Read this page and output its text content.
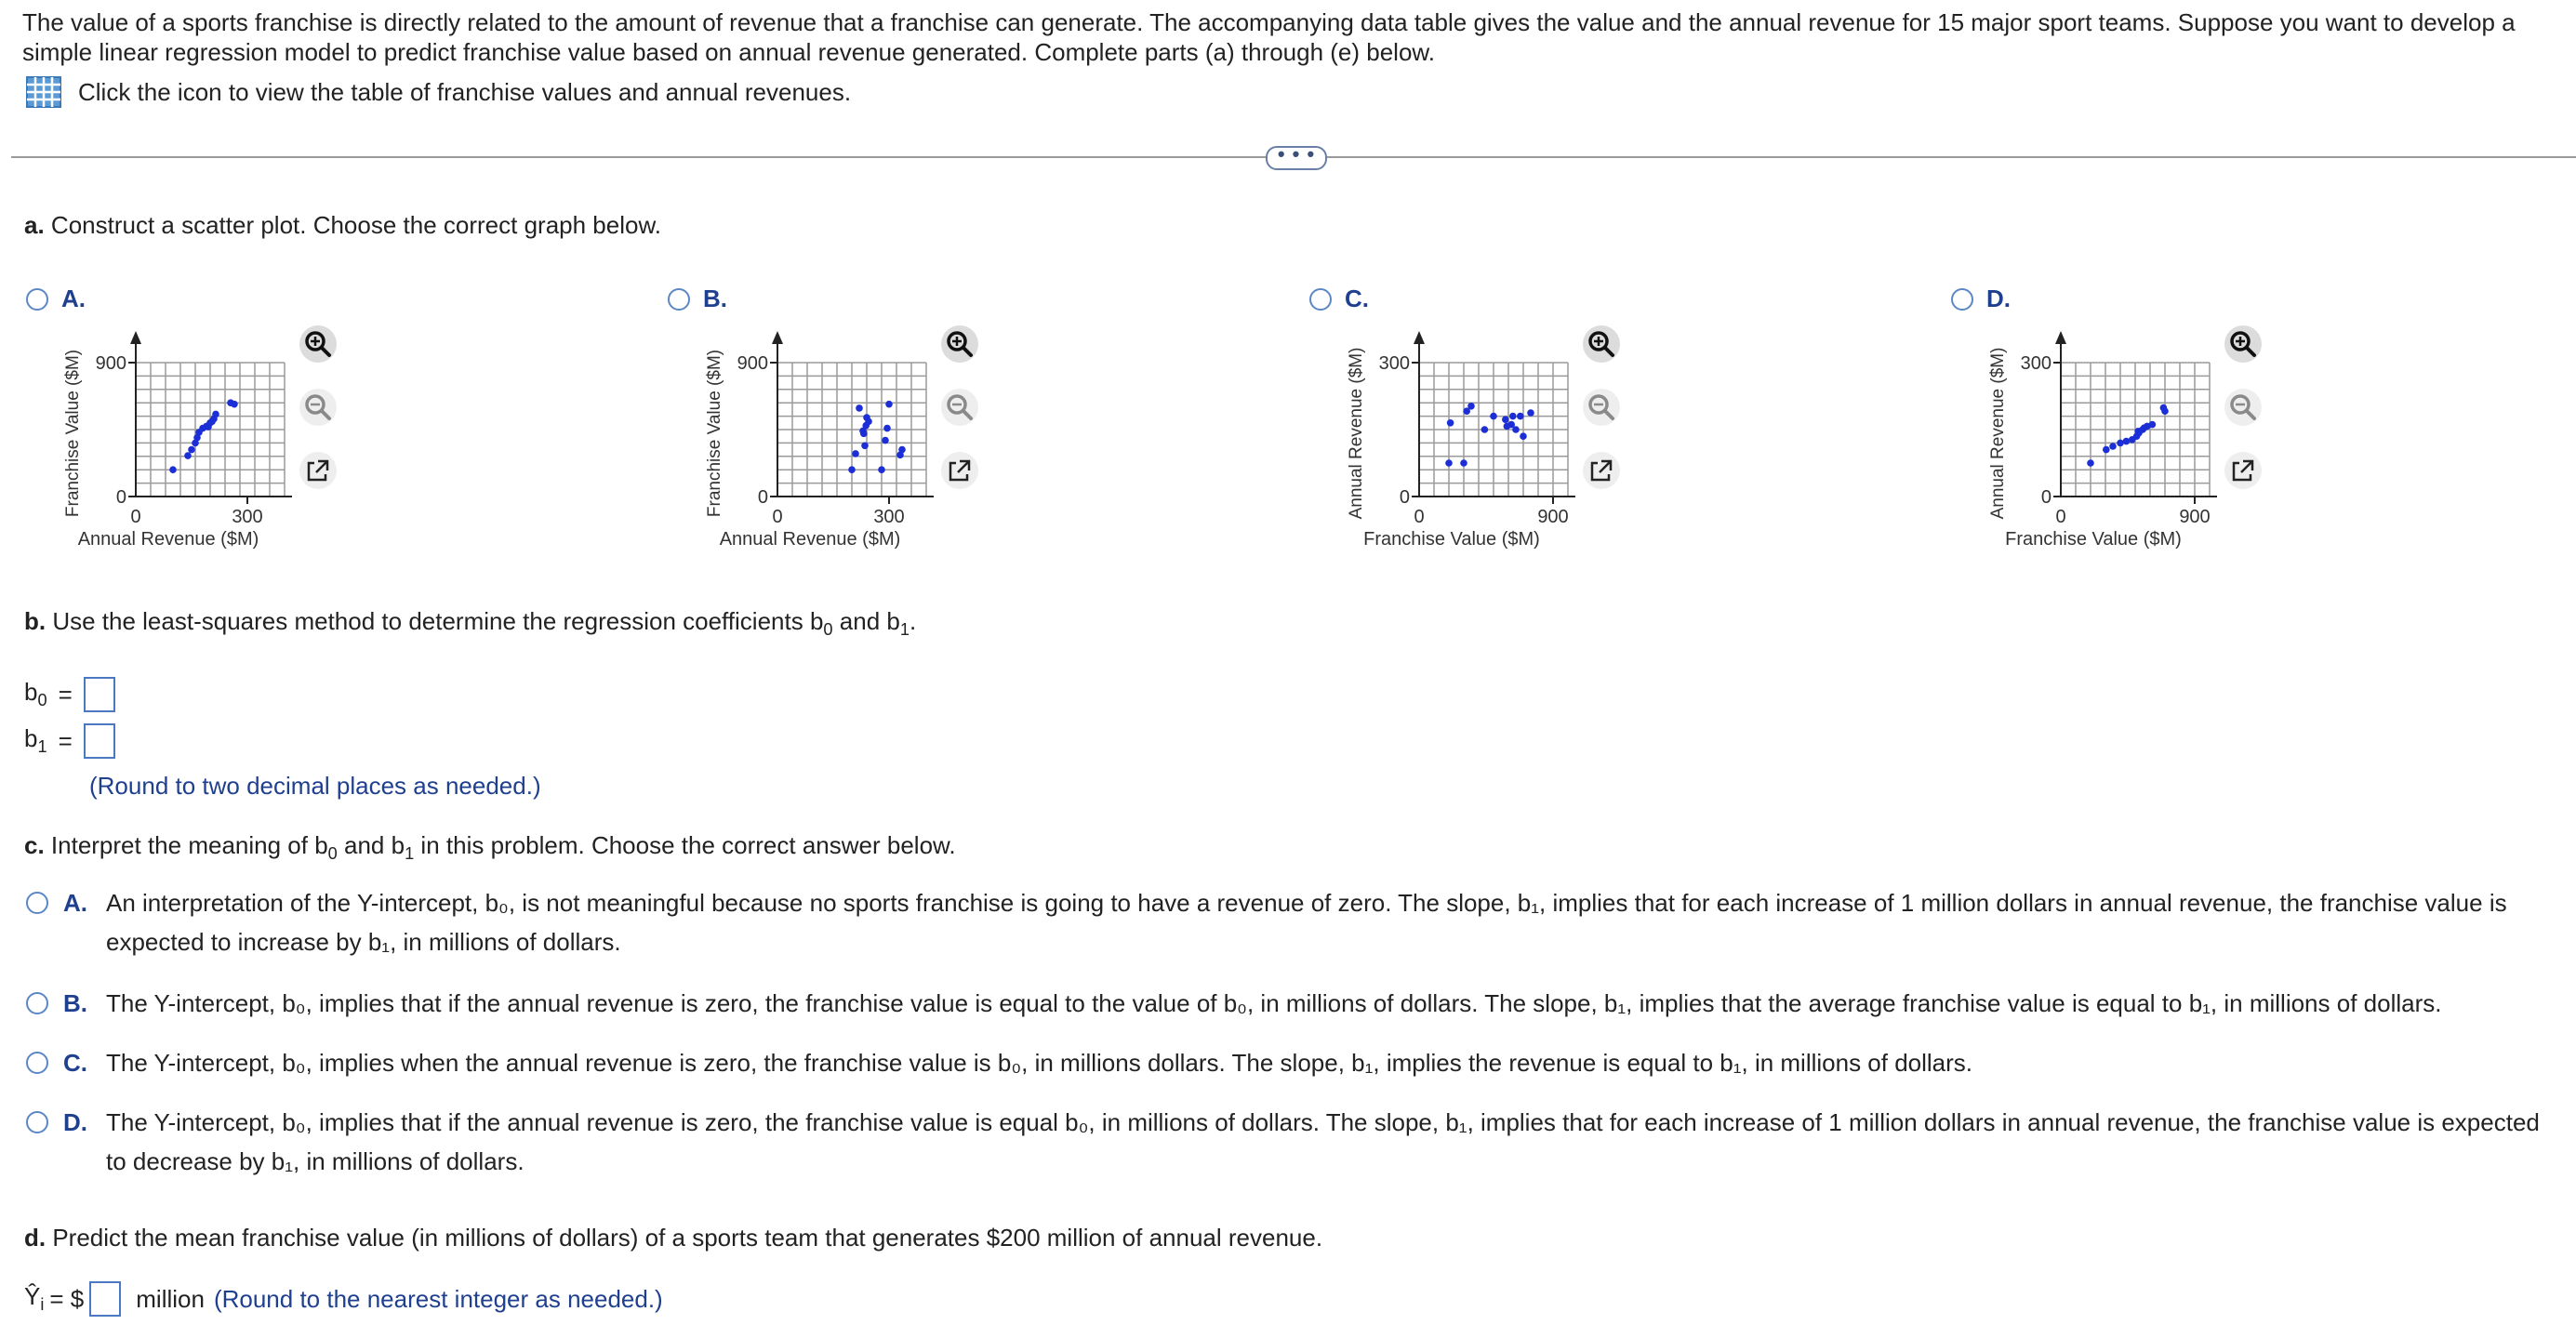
The value of a sports franchise is directly related to the amount of revenue that a franchise can generate. The accompanying data table gives the value and the annual revenue for 15 major sport teams. Suppose you want to develop a
simple linear regression model to predict franchise value based on annual revenue generated. Complete parts (a) through (e) below.
Click the icon to view the table of franchise values and annual revenues.
• • •
a. Construct a scatter plot. Choose the correct graph below.
A.
900
0
0	300
Annual Revenue ($M)
Franchise Value ($M)
B.
900
0
0	300
Annual Revenue ($M)
Franchise Value ($M)
C.
300
0
0	900
Franchise Value ($M)
Annual Revenue ($M)
D.
300
0
0	900
Franchise Value ($M)
Annual Revenue ($M)
b. Use the least-squares method to determine the regression coefficients $b_0$ and $b_1$.
$b_0$ =
$b_1$ =
(Round to two decimal places as needed.)
c. Interpret the meaning of $b_0$ and $b_1$ in this problem. Choose the correct answer below.
A. An interpretation of the Y-intercept, b₀, is not meaningful because no sports franchise is going to have a revenue of zero. The slope, b₁, implies that for each increase of 1 million dollars in annual revenue, the franchise value is
expected to increase by b₁, in millions of dollars.
B. The Y-intercept, b₀, implies that if the annual revenue is zero, the franchise value is equal to the value of b₀, in millions of dollars. The slope, b₁, implies that the average franchise value is equal to b₁, in millions of dollars.
C. The Y-intercept, b₀, implies when the annual revenue is zero, the franchise value is b₀, in millions dollars. The slope, b₁, implies the revenue is equal to b₁, in millions of dollars.
D. The Y-intercept, b₀, implies that if the annual revenue is zero, the franchise value is equal b₀, in millions of dollars. The slope, b₁, implies that for each increase of 1 million dollars in annual revenue, the franchise value is expected
to decrease by b₁, in millions of dollars.
d. Predict the mean franchise value (in millions of dollars) of a sports team that generates $200 million of annual revenue.
$Ŷ_i$ = $ million (Round to the nearest integer as needed.)
